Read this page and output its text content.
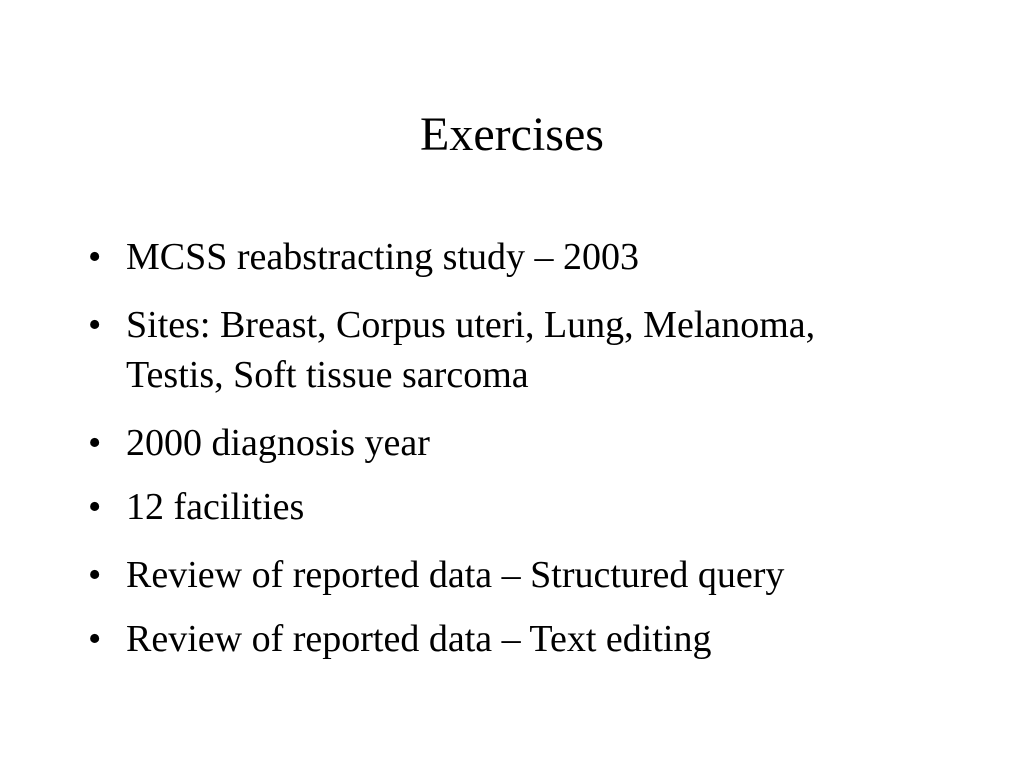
Exercises
• MCSS reabstracting study – 2003
• Sites: Breast, Corpus uteri, Lung, Melanoma, Testis, Soft tissue sarcoma
• 2000 diagnosis year
• 12 facilities
• Review of reported data – Structured query
• Review of reported data – Text editing
